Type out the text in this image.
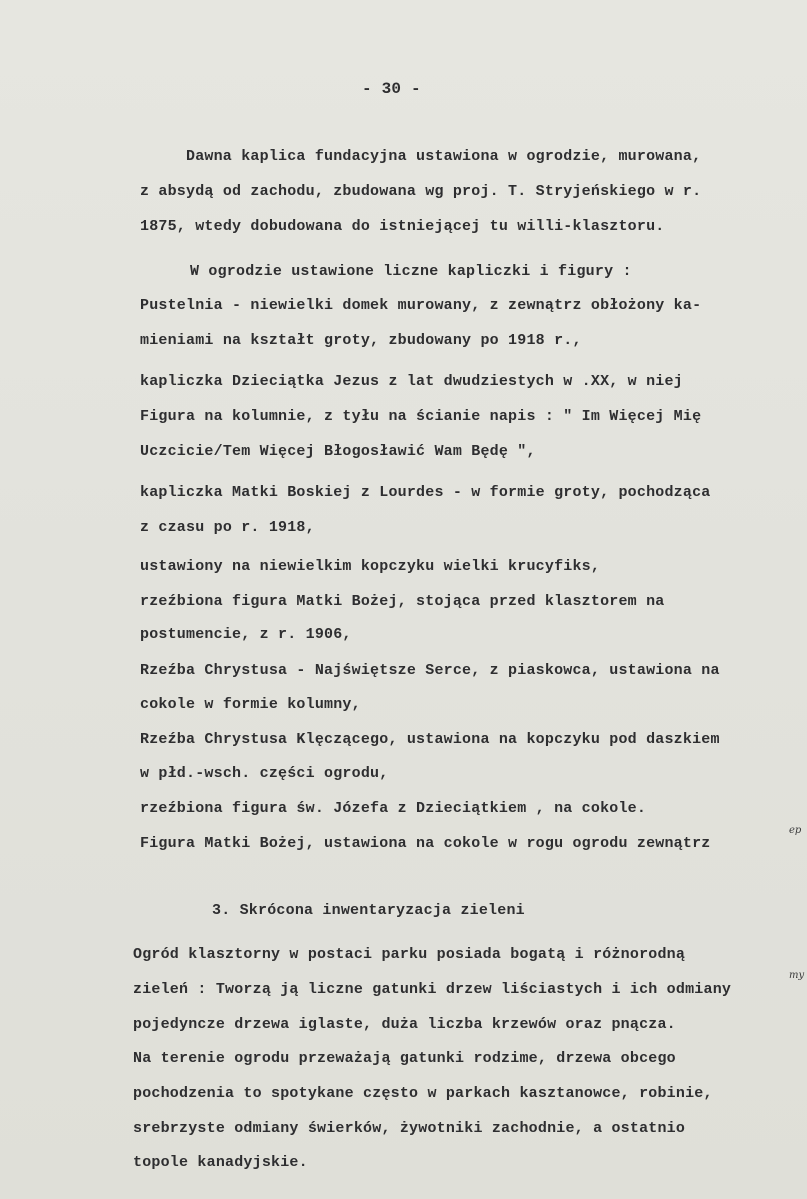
- 30 -
Dawna kaplica fundacyjna ustawiona w ogrodzie, murowana,
z absydą od zachodu, zbudowana wg proj. T. Stryjeńskiego w r.
1875, wtedy dobudowana do istniejącej tu willi-klasztoru.
W ogrodzie ustawione liczne kapliczki i figury :
Pustelnia - niewielki domek murowany, z zewnątrz obłożony ka-
mieniami na kształt groty, zbudowany po 1918 r.,
kapliczka Dzieciątka Jezus z lat dwudziestych w .XX, w niej
Figura na kolumnie, z tyłu na ścianie napis : " Im Więcej Mię
Uczcicie/Tem Więcej Błogosławić Wam Będę ",
kapliczka Matki Boskiej z Lourdes - w formie groty, pochodząca
z czasu po r. 1918,
ustawiony na niewielkim kopczyku wielki krucyfiks,
rzeźbiona figura Matki Bożej, stojąca przed klasztorem na
postumencie, z r. 1906,
Rzeźba Chrystusa - Najświętsze Serce, z piaskowca, ustawiona na
cokole w formie kolumny,
Rzeźba Chrystusa Klęczącego, ustawiona na kopczyku pod daszkiem
w płd.-wsch. części ogrodu,
rzeźbiona figura św. Józefa z Dzieciątkiem , na cokole.
Figura Matki Bożej, ustawiona na cokole w rogu ogrodu zewnątrz
3. Skrócona inwentaryzacja zieleni
Ogród klasztorny w postaci parku posiada bogatą i różnorodną
zieleń : Tworzą ją liczne gatunki drzew liściastych i ich odmiany
pojedyncze drzewa iglaste, duża liczba krzewów oraz pnącza.
Na terenie ogrodu przeważają gatunki rodzime, drzewa obcego
pochodzenia to spotykane często w parkach kasztanowce, robinie,
srebrzyste odmiany świerków, żywotniki zachodnie, a ostatnio
topole kanadyjskie.
ep
my
